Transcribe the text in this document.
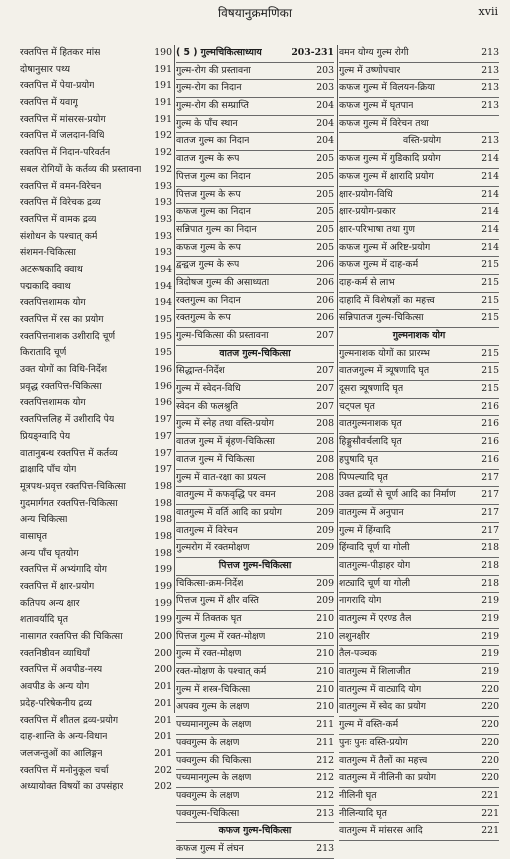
विषयानुक्रमणिका	xvii
रक्तपित्त में हितकर मांस	190
दोषानुसार पथ्य	191
रक्तपित्त में पेया-प्रयोग	191
रक्तपित्त में यवागू	191
रक्तपित्त में मांसरस-प्रयोग	191
रक्तपित्त में जलदान-विधि	192
रक्तपित्त में निदान-परिवर्तन	192
सबल रोगियों के कर्तव्य की प्रस्तावना 192
रक्तपित्त में वमन-विरेचन	193
रक्तपित्त में विरेचक द्रव्य	193
रक्तपित्त में वामक द्रव्य	193
संशोधन के पश्चात् कर्म	193
संशमन-चिकित्सा	193
अटरूषकादि क्वाथ	194
पद्मकादि क्वाथ	194
रक्तपित्तशामक योग	194
रक्तपित्त में रस का प्रयोग	195
रक्तपित्तनाशक उशीरादि चूर्ण	195
किरातादि चूर्ण	195
उक्त योगों का विधि-निर्देश	196
प्रवृद्ध रक्तपित्त-चिकित्सा	196
रक्तपित्तशामक योग	196
रक्तपित्तलिह में उशीरादि पेय	197
प्रियङ्ग्वादि पेय	197
वातानुबन्ध रक्तपित्त में कर्तव्य	197
द्राक्षादि पाँच योग	197
मूत्रपथ-प्रवृत्त रक्तपित्त-चिकित्सा	198
गुदमार्गगत रक्तपित्त-चिकित्सा	198
अन्य चिकित्सा	198
वासाघृत	198
अन्य पाँच घृतयोग	198
रक्तपित्त में अभ्यंगादि योग	199
रक्तपित्त में क्षार-प्रयोग	199
कतिपय अन्य क्षार	199
शतावर्यादि घृत	199
नासागत रक्तपित्त की चिकित्सा	200
रक्तनिष्ठीवन व्याधियाँ	200
रक्तपित्त में अवपीड-नस्य	200
अवपीड के अन्य योग	201
प्रदेह-परिषेकनीय द्रव्य	201
रक्तपित्त में शीतल द्रव्य-प्रयोग	201
दाह-शान्ति के अन्य-विधान	201
जलजन्तुओं का आलिङ्गन	201
रक्तपित्त में मनोनुकूल चर्चा	202
अध्यायोक्त विषयों का उपसंहार	202
( 5 ) गुल्मचिकित्साध्याय	203-231
गुल्म-रोग की प्रस्तावना	203
गुल्म-रोग का निदान	203
गुल्म-रोग की सम्प्राप्ति	204
गुल्म के पाँच स्थान	204
वातज गुल्म का निदान	204
वातज गुल्म के रूप	205
पित्तज गुल्म का निदान	205
पित्तज गुल्म के रूप	205
कफज गुल्म का निदान	205
सन्निपात गुल्म का निदान	205
कफज गुल्म के रूप	205
द्वन्द्वज गुल्म के रूप	206
त्रिदोषज गुल्म की असाध्यता	206
रक्तगुल्म का निदान	206
रक्तगुल्म के रूप	206
गुल्म-चिकित्सा की प्रस्तावना	207
वातज गुल्म-चिकित्सा
सिद्धान्त-निर्देश	207
गुल्म में स्वेदन-विधि	207
स्वेदन की फलश्रुति	207
गुल्म में स्नेह तथा वस्ति-प्रयोग	208
वातज गुल्म में बृंहण-चिकित्सा	208
वातज गुल्म में चिकित्सा	208
गुल्म में वात-रक्षा का प्रयत्न	208
वातगुल्म में कफवृद्धि पर वमन	208
वातगुल्म में वर्ति आदि का प्रयोग	209
वातगुल्म में विरेचन	209
गुल्मरोग में रक्तमोक्षण	209
पित्तज गुल्म-चिकित्सा
चिकित्सा-क्रम-निर्देश	209
पित्तज गुल्म में क्षीर वस्ति	209
गुल्म में तिक्तक घृत	210
पित्तज गुल्म में रक्त-मोक्षण	210
गुल्म में रक्त-मोक्षण	210
रक्त-मोक्षण के पश्चात् कर्म	210
गुल्म में शस्त्र-चिकित्सा	210
अपक्व गुल्म के लक्षण	210
पच्यमानगुल्म के लक्षण	211
पक्वगुल्म के लक्षण	211
पक्वगुल्म की चिकित्सा	212
पच्यमानगुल्म के लक्षण	212
पक्वगुल्म के लक्षण	212
पक्वगुल्म-चिकित्सा	213
कफज गुल्म-चिकित्सा
कफज गुल्म में लंघन	213
वमन योग्य गुल्म रोगी	213
गुल्म में उष्णोपचार	213
कफज गुल्म में विलयन-क्रिया	213
कफज गुल्म में घृतपान	213
कफज गुल्म में विरेचन तथा
वस्ति-प्रयोग	213
कफज गुल्म में गुडिकादि प्रयोग	214
कफज गुल्म में क्षारादि प्रयोग	214
क्षार-प्रयोग-विधि	214
क्षार-प्रयोग-प्रकार	214
क्षार-परिभाषा तथा गुण	214
कफज गुल्म में अरिष्ट-प्रयोग	214
कफज गुल्म में दाह-कर्म	215
दाह-कर्म से लाभ	215
दाहादि में विशेषज्ञों का महत्त्व	215
सन्निपातज गुल्म-चिकित्सा	215
गुल्मनाशक योग
गुल्मनाशक योगों का प्रारम्भ	215
वातजगुल्म में त्र्यूषणादि घृत	215
दूसरा त्र्यूषणादि घृत	215
चट्पल घृत	216
वातगुल्मनाशक घृत	216
हिङ्गुसौवर्चलादि घृत	216
हपुषादि घृत	216
पिप्पल्यादि घृत	217
उक्त द्रव्यों से चूर्ण आदि का निर्माण	217
वातगुल्म में अनुपान	217
गुल्म में हिंग्वादि	217
हिंग्वादि चूर्ण या गोली	218
वातगुल्म-पीड़ाहर योग	218
शट्यादि चूर्ण या गोली	218
नागरादि योग	219
वातगुल्म में एरण्ड तैल	219
लशुनक्षीर	219
तैल-पञ्चक	219
वातगुल्म में शिलाजीत	219
वातगुल्म में वाट्यादि योग	220
वातगुल्म में स्वेद का प्रयोग	220
गुल्म में वस्ति-कर्म	220
पुनः पुनः वस्ति-प्रयोग	220
वातगुल्म में तैलों का महत्त्व	220
वातगुल्म में नीलिनी का प्रयोग	220
नीलिनी घृत	221
नीलिन्यादि घृत	221
वातगुल्म में मांसरस आदि	221
